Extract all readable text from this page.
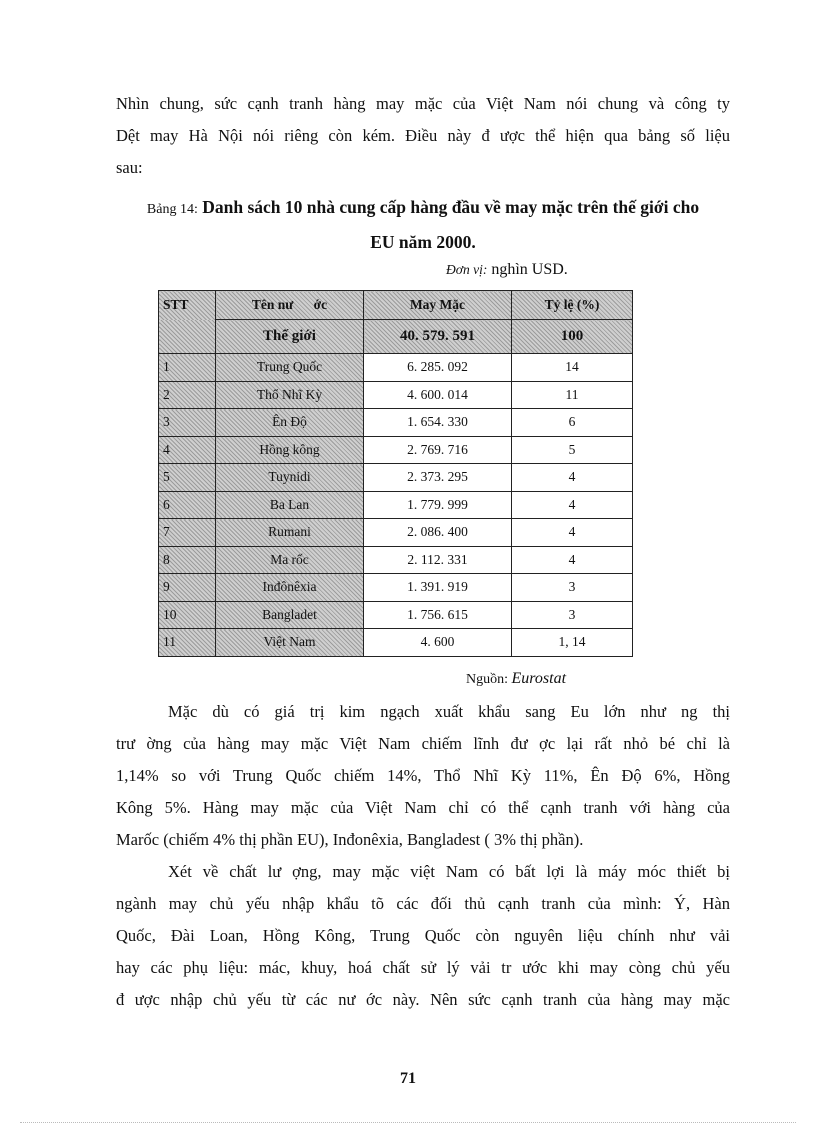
Nhìn chung, sức cạnh tranh hàng may mặc của Việt Nam nói chung và công ty
Dệt may Hà Nội nói riêng còn kém. Điều này đ ược thể hiện qua bảng số liệu
sau:
Bảng 14: Danh sách 10 nhà cung cấp hàng đầu về may mặc trên thế giới cho
EU năm 2000.
Đơn vị: nghìn USD.
STT	Tên nư      ớc	May Mặc	Tỷ lệ (%)
	Thế giới	40. 579. 591	100
1	Trung Quốc	6. 285. 092	14
2	Thổ Nhĩ Kỳ	4. 600. 014	11
3	Ên Độ	1. 654. 330	6
4	Hồng kông	2. 769. 716	5
5	Tuynidi	2. 373. 295	4
6	Ba Lan	1. 779. 999	4
7	Rumani	2. 086. 400	4
8	Ma rốc	2. 112. 331	4
9	Inđônêxia	1. 391. 919	3
10	Bangladet	1. 756. 615	3
11	Việt Nam	4. 600	1, 14
Nguồn: Eurostat
Mặc dù có giá trị kim ngạch xuất khẩu sang Eu lớn như ng thị
trư ờng của hàng may mặc Việt Nam chiếm lĩnh đư ợc lại rất nhỏ bé chỉ là
1,14% so với Trung Quốc chiếm 14%, Thổ Nhĩ Kỳ 11%, Ên Độ 6%, Hồng
Kông 5%. Hàng may mặc của Việt Nam chỉ có thể cạnh tranh với hàng của
Marốc (chiếm 4% thị phần EU), Inđonêxia, Bangladest ( 3% thị phần).
Xét về chất lư ợng, may mặc việt Nam có bất lợi là máy móc thiết bị
ngành may chủ yếu nhập khẩu tõ các đối thủ cạnh tranh của mình: Ý, Hàn
Quốc, Đài Loan, Hồng Kông, Trung Quốc còn nguyên liệu chính như vải
hay các phụ liệu: mác, khuy, hoá chất sử lý vải tr ước khi may còng chủ yếu
đ ược nhập chủ yếu từ các nư ớc này. Nên sức cạnh tranh của hàng may mặc
71
